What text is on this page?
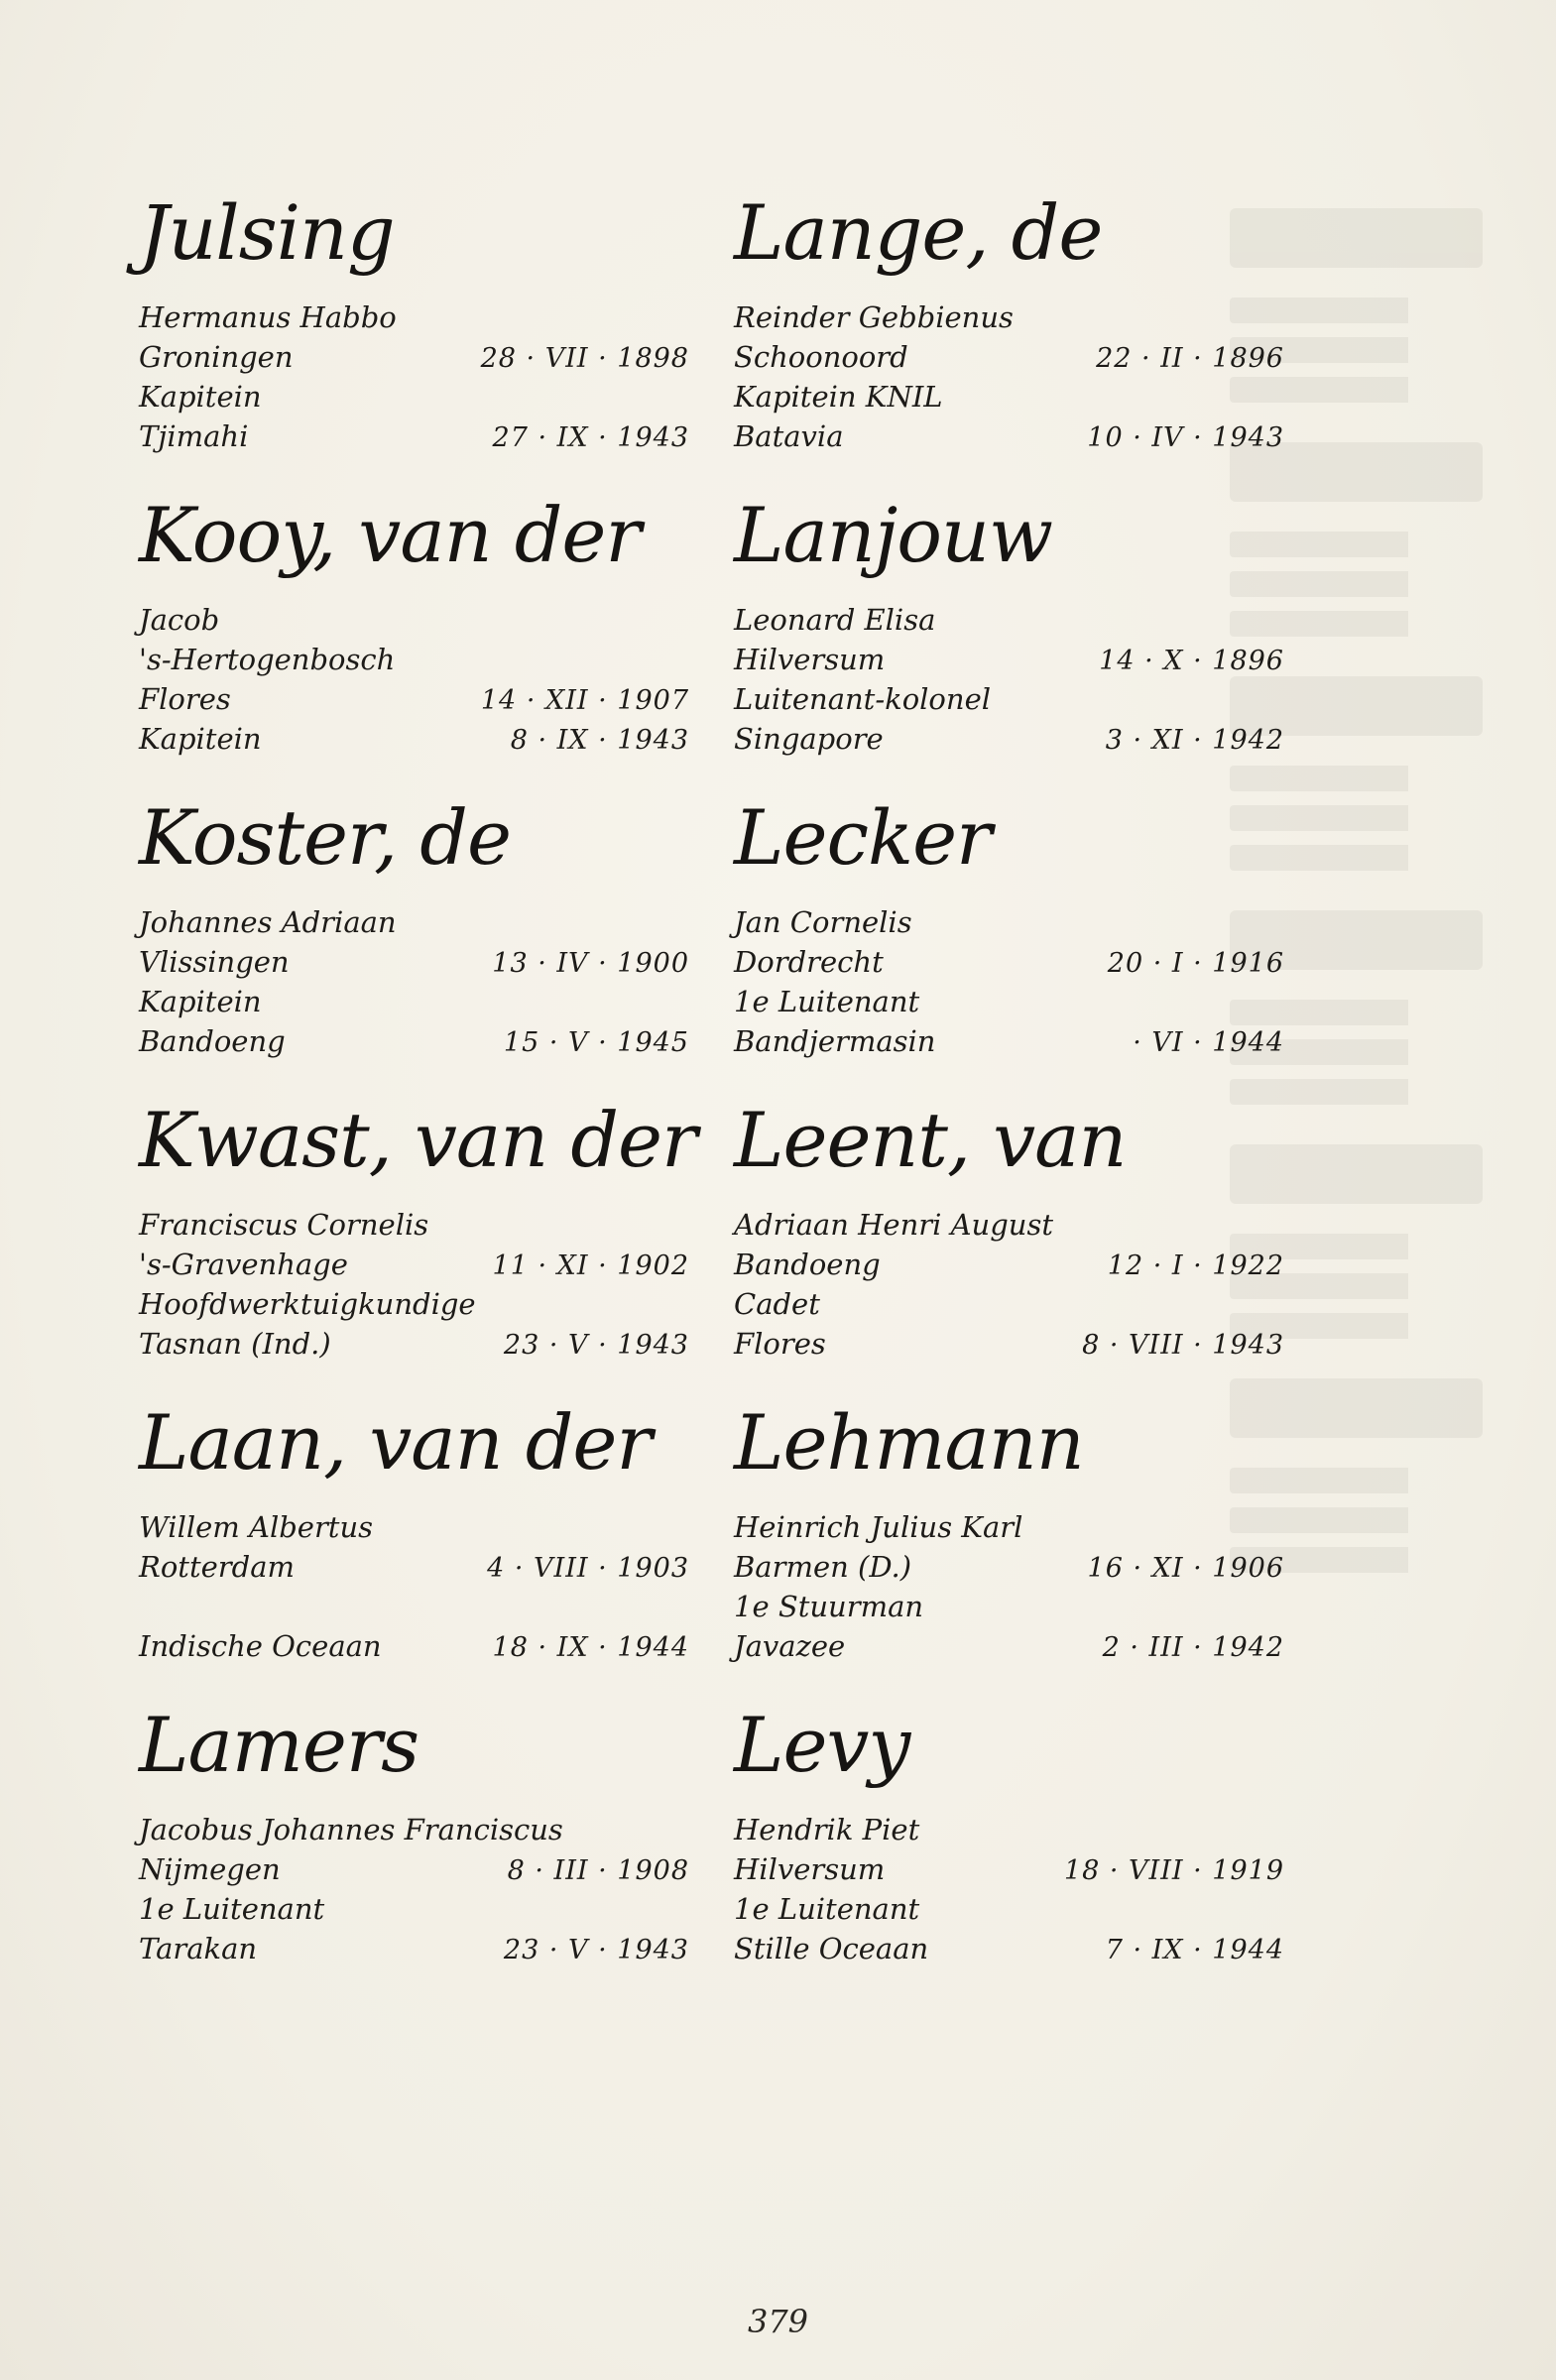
Julsing
Hermanus Habbo
Groningen	28 · VII · 1898
Kapitein
Tjimahi	27 · IX · 1943
Kooy, van der
Jacob
's-Hertogenbosch
Flores	14 · XII · 1907
Kapitein	8 · IX · 1943
Koster, de
Johannes Adriaan
Vlissingen	13 · IV · 1900
Kapitein
Bandoeng	15 · V · 1945
Kwast, van der
Franciscus Cornelis
's-Gravenhage	11 · XI · 1902
Hoofdwerktuigkundige
Tasnan (Ind.)	23 · V · 1943
Laan, van der
Willem Albertus
Rotterdam	4 · VIII · 1903
Indische Oceaan	18 · IX · 1944
Lamers
Jacobus Johannes Franciscus
Nijmegen	8 · III · 1908
1e Luitenant
Tarakan	23 · V · 1943
Lange, de
Reinder Gebbienus
Schoonoord	22 · II · 1896
Kapitein KNIL
Batavia	10 · IV · 1943
Lanjouw
Leonard Elisa
Hilversum	14 · X · 1896
Luitenant-kolonel
Singapore	3 · XI · 1942
Lecker
Jan Cornelis
Dordrecht	20 · I · 1916
1e Luitenant
Bandjermasin	· VI · 1944
Leent, van
Adriaan Henri August
Bandoeng	12 · I · 1922
Cadet
Flores	8 · VIII · 1943
Lehmann
Heinrich Julius Karl
Barmen (D.)	16 · XI · 1906
1e Stuurman
Javazee	2 · III · 1942
Levy
Hendrik Piet
Hilversum	18 · VIII · 1919
1e Luitenant
Stille Oceaan	7 · IX · 1944
379
